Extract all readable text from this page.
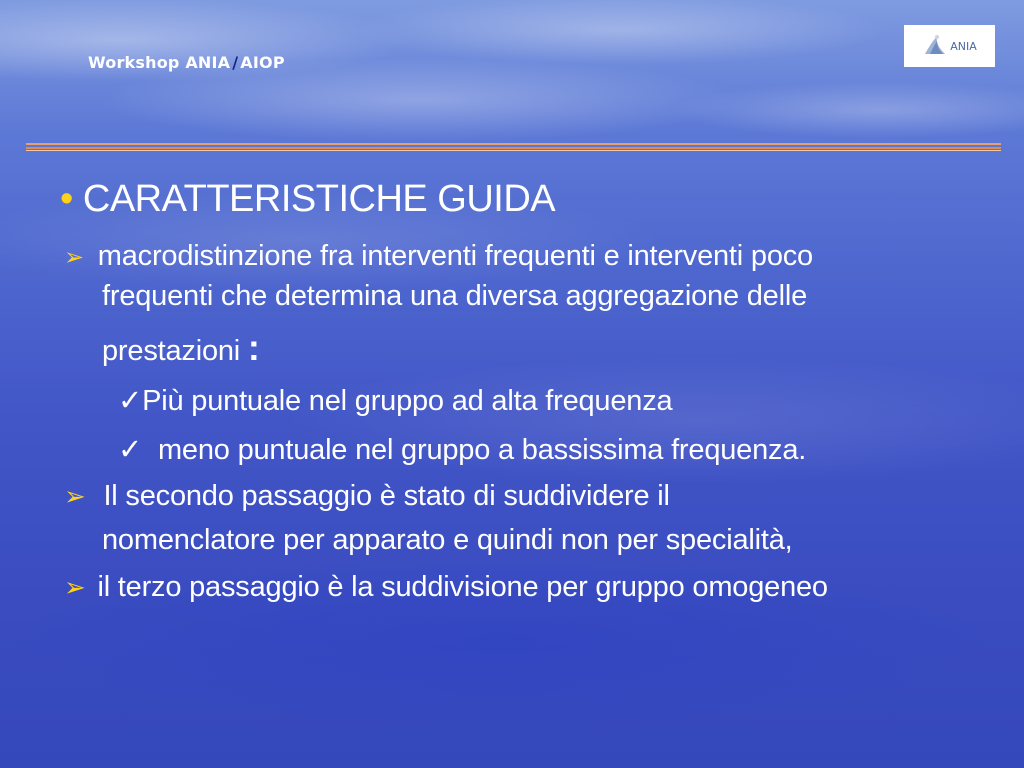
Workshop ANIA / AIOP
ANIA
• CARATTERISTICHE GUIDA
➢ macrodistinzione fra interventi frequenti e interventi poco
frequenti che determina una diversa aggregazione delle
prestazioni :
✓Più puntuale nel gruppo ad alta frequenza
✓ meno puntuale nel gruppo a bassissima frequenza.
➢ Il secondo passaggio è stato di suddividere il
nomenclatore per apparato e quindi non per specialità,
➢ il terzo passaggio è la suddivisione per gruppo omogeneo
